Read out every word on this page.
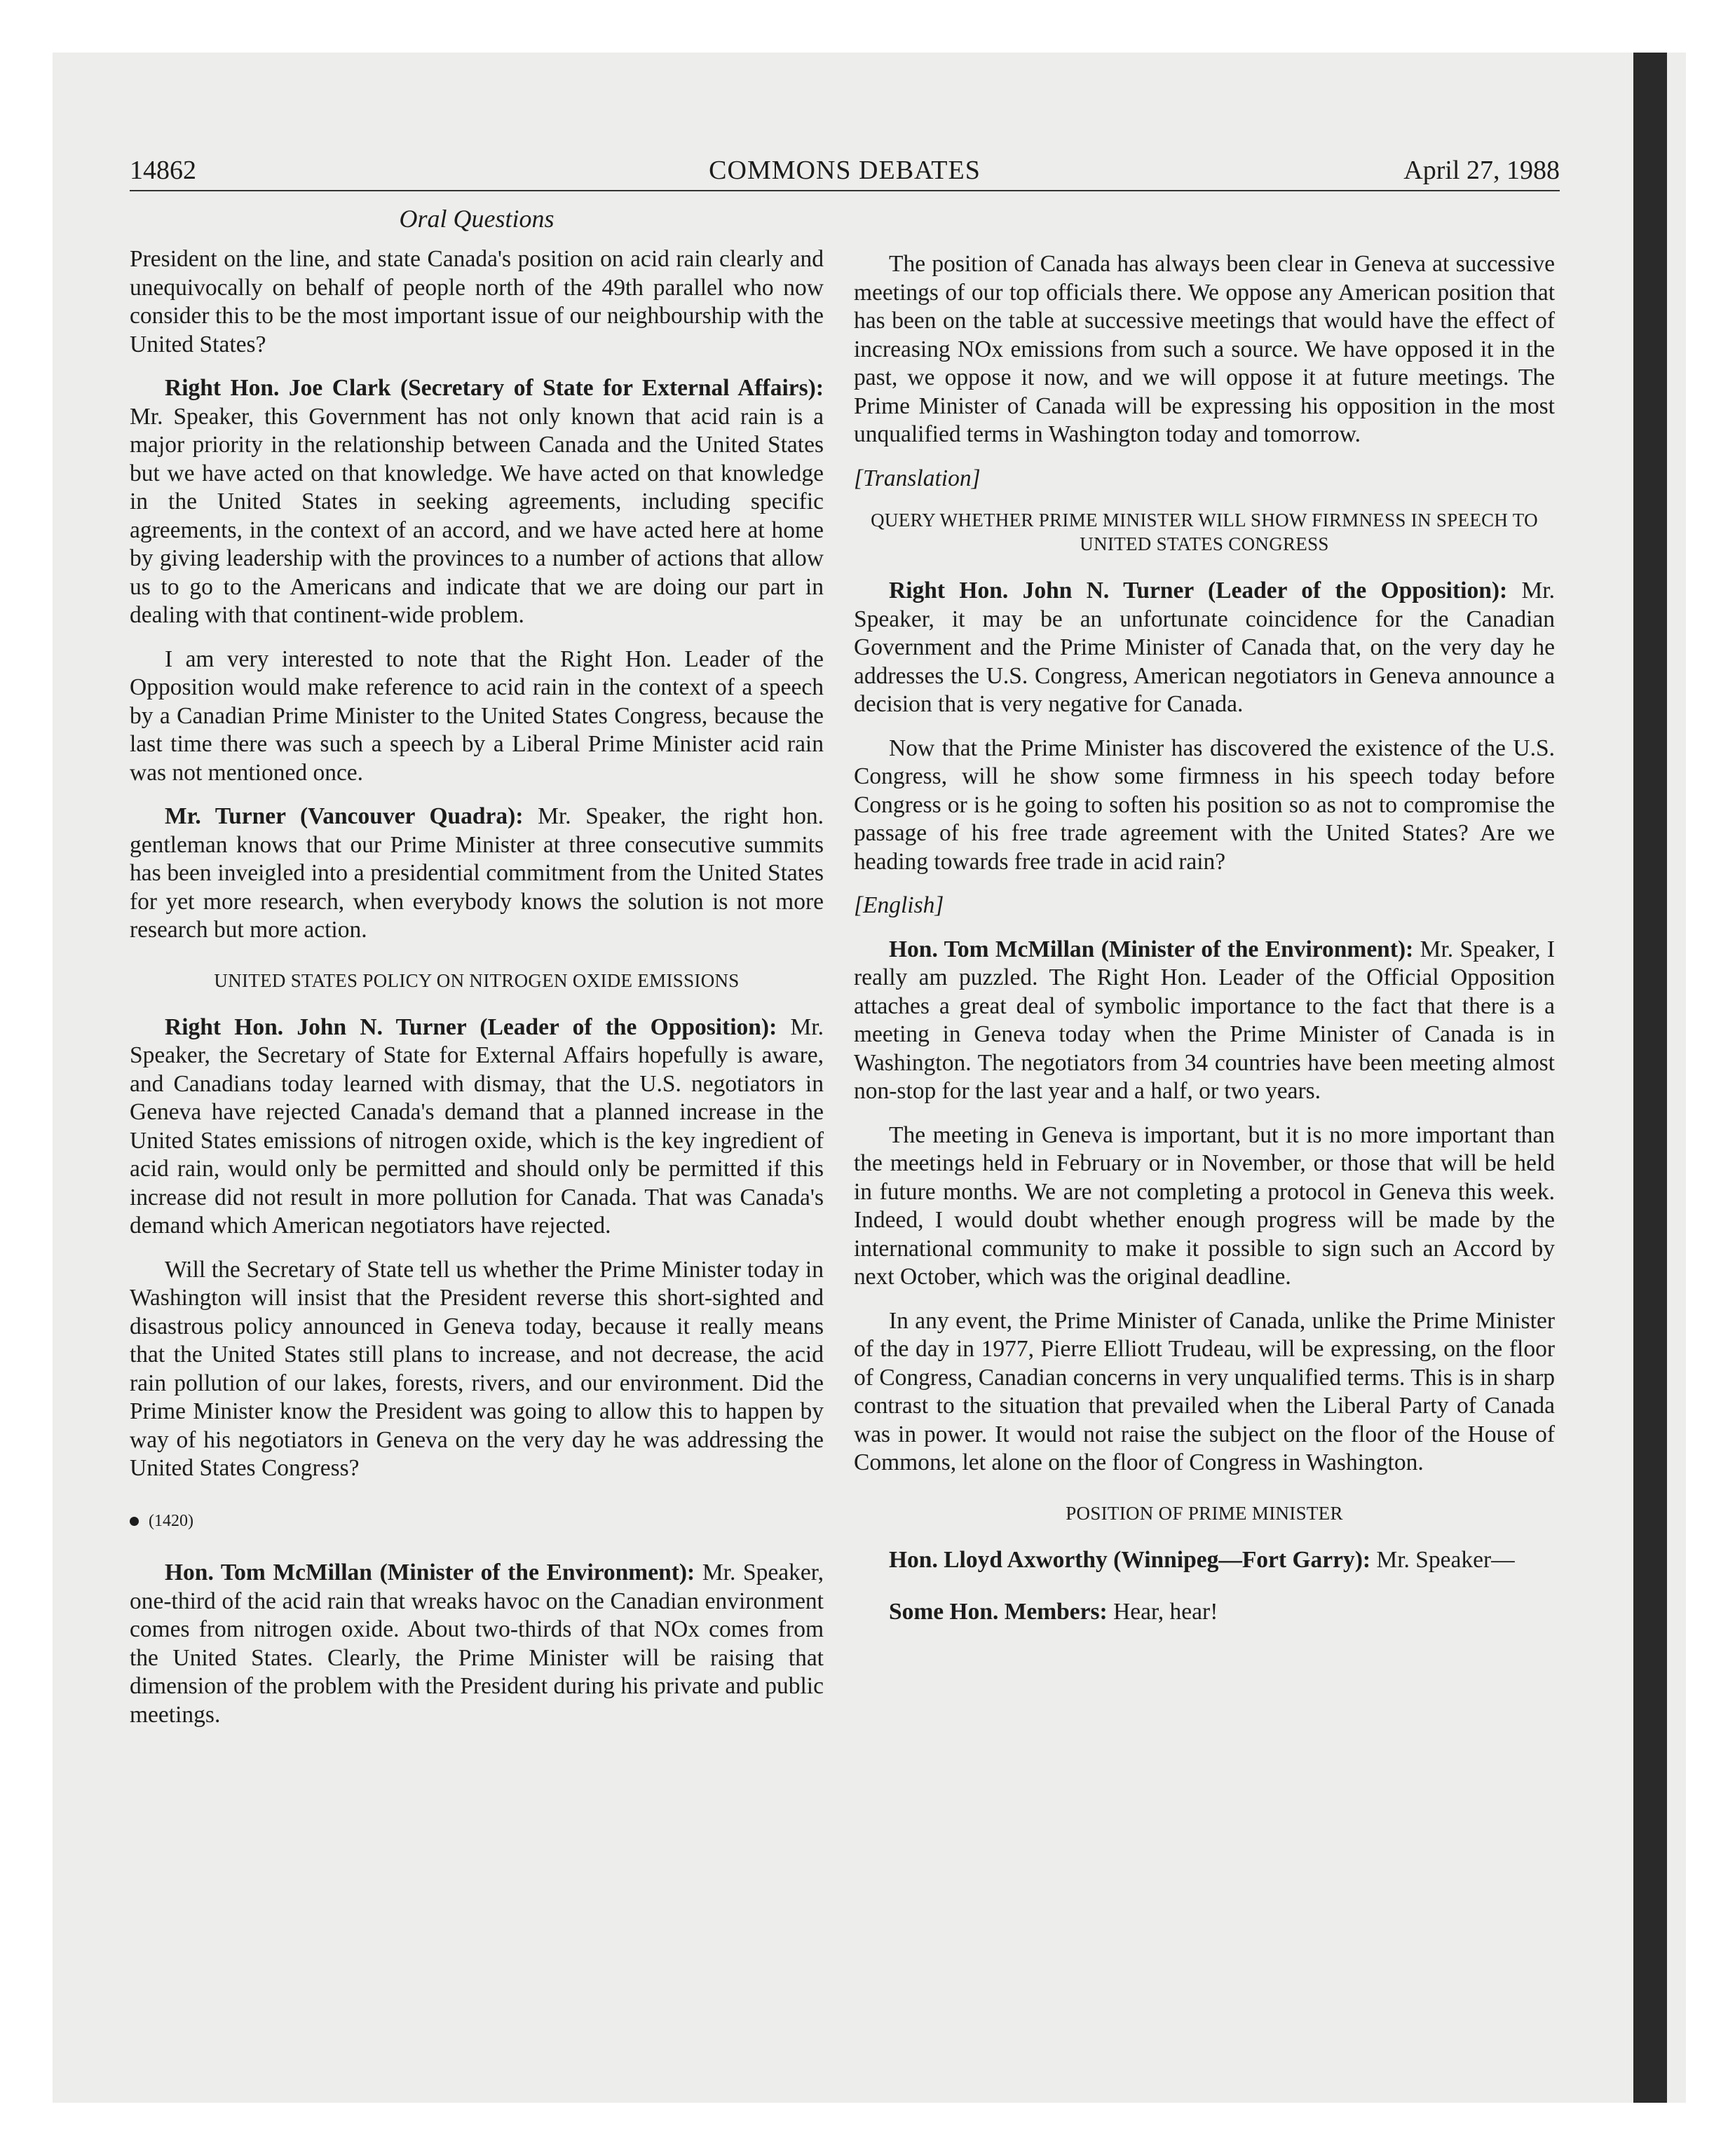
14862	COMMONS DEBATES	April 27, 1988
Oral Questions

President on the line, and state Canada's position on acid rain clearly and unequivocally on behalf of people north of the 49th parallel who now consider this to be the most important issue of our neighbourship with the United States?

Right Hon. Joe Clark (Secretary of State for External Affairs): Mr. Speaker, this Government has not only known that acid rain is a major priority in the relationship between Canada and the United States but we have acted on that knowledge. We have acted on that knowledge in the United States in seeking agreements, including specific agreements, in the context of an accord, and we have acted here at home by giving leadership with the provinces to a number of actions that allow us to go to the Americans and indicate that we are doing our part in dealing with that continent-wide problem.

I am very interested to note that the Right Hon. Leader of the Opposition would make reference to acid rain in the context of a speech by a Canadian Prime Minister to the United States Congress, because the last time there was such a speech by a Liberal Prime Minister acid rain was not mentioned once.

Mr. Turner (Vancouver Quadra): Mr. Speaker, the right hon. gentleman knows that our Prime Minister at three consecutive summits has been inveigled into a presidential commitment from the United States for yet more research, when everybody knows the solution is not more research but more action.

UNITED STATES POLICY ON NITROGEN OXIDE EMISSIONS

Right Hon. John N. Turner (Leader of the Opposition): Mr. Speaker, the Secretary of State for External Affairs hopefully is aware, and Canadians today learned with dismay, that the U.S. negotiators in Geneva have rejected Canada's demand that a planned increase in the United States emissions of nitrogen oxide, which is the key ingredient of acid rain, would only be permitted and should only be permitted if this increase did not result in more pollution for Canada. That was Canada's demand which American negotiators have rejected.

Will the Secretary of State tell us whether the Prime Minister today in Washington will insist that the President reverse this short-sighted and disastrous policy announced in Geneva today, because it really means that the United States still plans to increase, and not decrease, the acid rain pollution of our lakes, forests, rivers, and our environment. Did the Prime Minister know the President was going to allow this to happen by way of his negotiators in Geneva on the very day he was addressing the United States Congress?

(1420)

Hon. Tom McMillan (Minister of the Environment): Mr. Speaker, one-third of the acid rain that wreaks havoc on the Canadian environment comes from nitrogen oxide. About two-thirds of that NOx comes from the United States. Clearly, the Prime Minister will be raising that dimension of the problem with the President during his private and public meetings.

The position of Canada has always been clear in Geneva at successive meetings of our top officials there. We oppose any American position that has been on the table at successive meetings that would have the effect of increasing NOx emissions from such a source. We have opposed it in the past, we oppose it now, and we will oppose it at future meetings. The Prime Minister of Canada will be expressing his opposition in the most unqualified terms in Washington today and tomorrow.

[Translation]

QUERY WHETHER PRIME MINISTER WILL SHOW FIRMNESS IN SPEECH TO UNITED STATES CONGRESS

Right Hon. John N. Turner (Leader of the Opposition): Mr. Speaker, it may be an unfortunate coincidence for the Canadian Government and the Prime Minister of Canada that, on the very day he addresses the U.S. Congress, American negotiators in Geneva announce a decision that is very negative for Canada.

Now that the Prime Minister has discovered the existence of the U.S. Congress, will he show some firmness in his speech today before Congress or is he going to soften his position so as not to compromise the passage of his free trade agreement with the United States? Are we heading towards free trade in acid rain?

[English]

Hon. Tom McMillan (Minister of the Environment): Mr. Speaker, I really am puzzled. The Right Hon. Leader of the Official Opposition attaches a great deal of symbolic importance to the fact that there is a meeting in Geneva today when the Prime Minister of Canada is in Washington. The negotiators from 34 countries have been meeting almost non-stop for the last year and a half, or two years.

The meeting in Geneva is important, but it is no more important than the meetings held in February or in November, or those that will be held in future months. We are not completing a protocol in Geneva this week. Indeed, I would doubt whether enough progress will be made by the international community to make it possible to sign such an Accord by next October, which was the original deadline.

In any event, the Prime Minister of Canada, unlike the Prime Minister of the day in 1977, Pierre Elliott Trudeau, will be expressing, on the floor of Congress, Canadian concerns in very unqualified terms. This is in sharp contrast to the situation that prevailed when the Liberal Party of Canada was in power. It would not raise the subject on the floor of the House of Commons, let alone on the floor of Congress in Washington.

POSITION OF PRIME MINISTER

Hon. Lloyd Axworthy (Winnipeg—Fort Garry): Mr. Speaker—

Some Hon. Members: Hear, hear!
